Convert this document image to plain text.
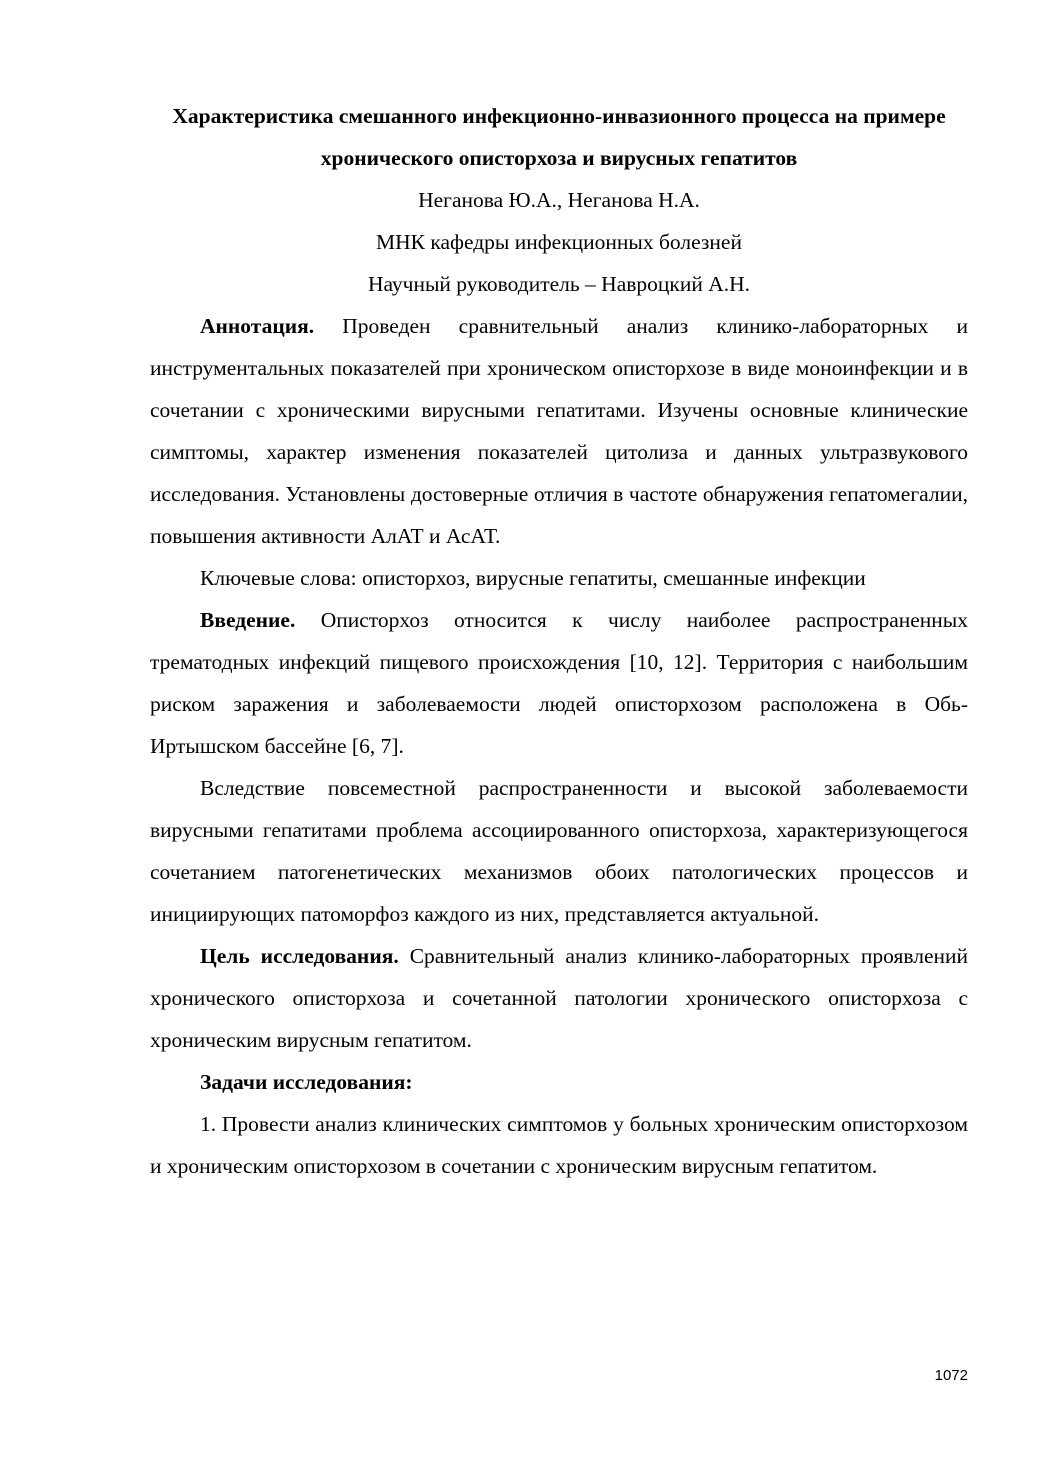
Характеристика смешанного инфекционно-инвазионного процесса на примере хронического описторхоза и вирусных гепатитов

Неганова Ю.А., Неганова Н.А.

МНК кафедры инфекционных болезней

Научный руководитель – Навроцкий А.Н.

Аннотация. Проведен сравнительный анализ клинико-лабораторных и инструментальных показателей при хроническом описторхозе в виде моноинфекции и в сочетании с хроническими вирусными гепатитами. Изучены основные клинические симптомы, характер изменения показателей цитолиза и данных ультразвукового исследования. Установлены достоверные отличия в частоте обнаружения гепатомегалии, повышения активности АлАТ и АсАТ.

Ключевые слова: описторхоз, вирусные гепатиты, смешанные инфекции

Введение. Описторхоз относится к числу наиболее распространенных трематодных инфекций пищевого происхождения [10, 12]. Территория с наибольшим риском заражения и заболеваемости людей описторхозом расположена в Обь-Иртышском бассейне [6, 7].

Вследствие повсеместной распространенности и высокой заболеваемости вирусными гепатитами проблема ассоциированного описторхоза, характеризующегося сочетанием патогенетических механизмов обоих патологических процессов и инициирующих патоморфоз каждого из них, представляется актуальной.

Цель исследования. Сравнительный анализ клинико-лабораторных проявлений хронического описторхоза и сочетанной патологии хронического описторхоза с хроническим вирусным гепатитом.

Задачи исследования:

1. Провести анализ клинических симптомов у больных хроническим описторхозом и хроническим описторхозом в сочетании с хроническим вирусным гепатитом.

1072
